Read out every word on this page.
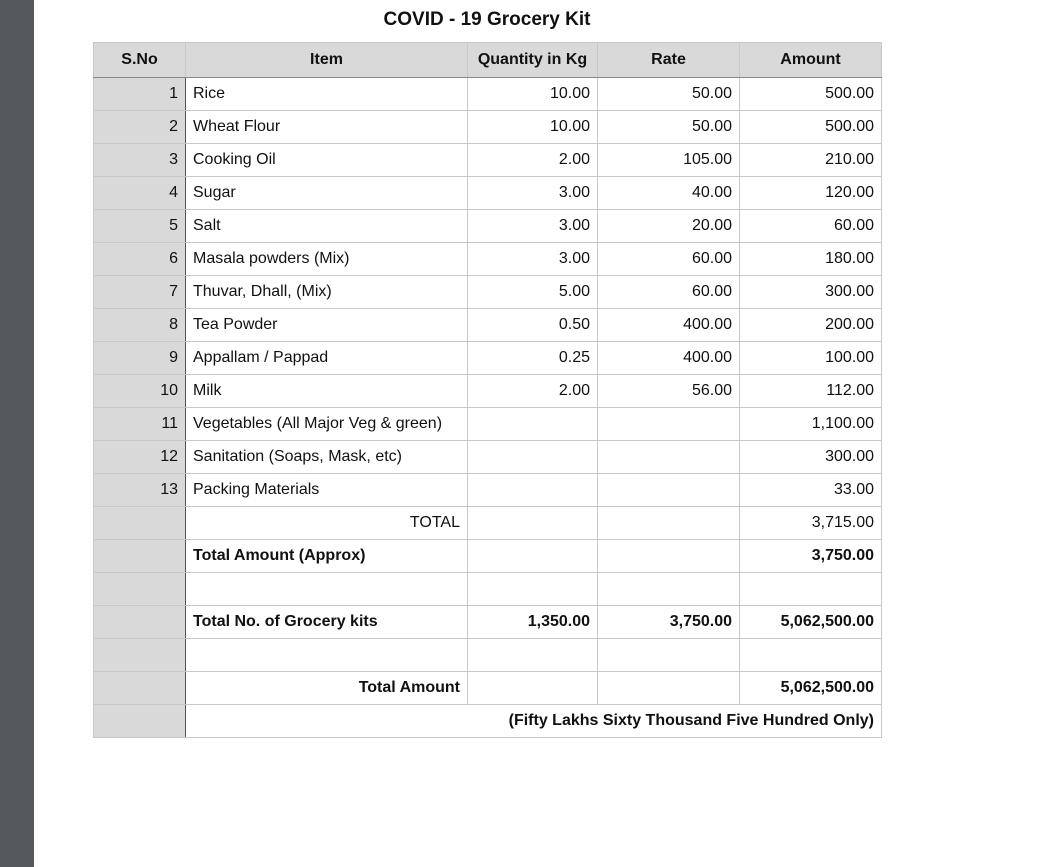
COVID - 19 Grocery Kit
S.No	Item	Quantity in Kg	Rate	Amount
1	Rice	10.00	50.00	500.00
2	Wheat Flour	10.00	50.00	500.00
3	Cooking Oil	2.00	105.00	210.00
4	Sugar	3.00	40.00	120.00
5	Salt	3.00	20.00	60.00
6	Masala powders (Mix)	3.00	60.00	180.00
7	Thuvar, Dhall, (Mix)	5.00	60.00	300.00
8	Tea Powder	0.50	400.00	200.00
9	Appallam / Pappad	0.25	400.00	100.00
10	Milk	2.00	56.00	112.00
11	Vegetables (All Major Veg & green)			1,100.00
12	Sanitation (Soaps, Mask, etc)			300.00
13	Packing Materials			33.00
	TOTAL			3,715.00
	Total Amount (Approx)			3,750.00

	Total No. of Grocery kits	1,350.00	3,750.00	5,062,500.00

	Total Amount			5,062,500.00
	(Fifty Lakhs Sixty Thousand Five Hundred Only)			
